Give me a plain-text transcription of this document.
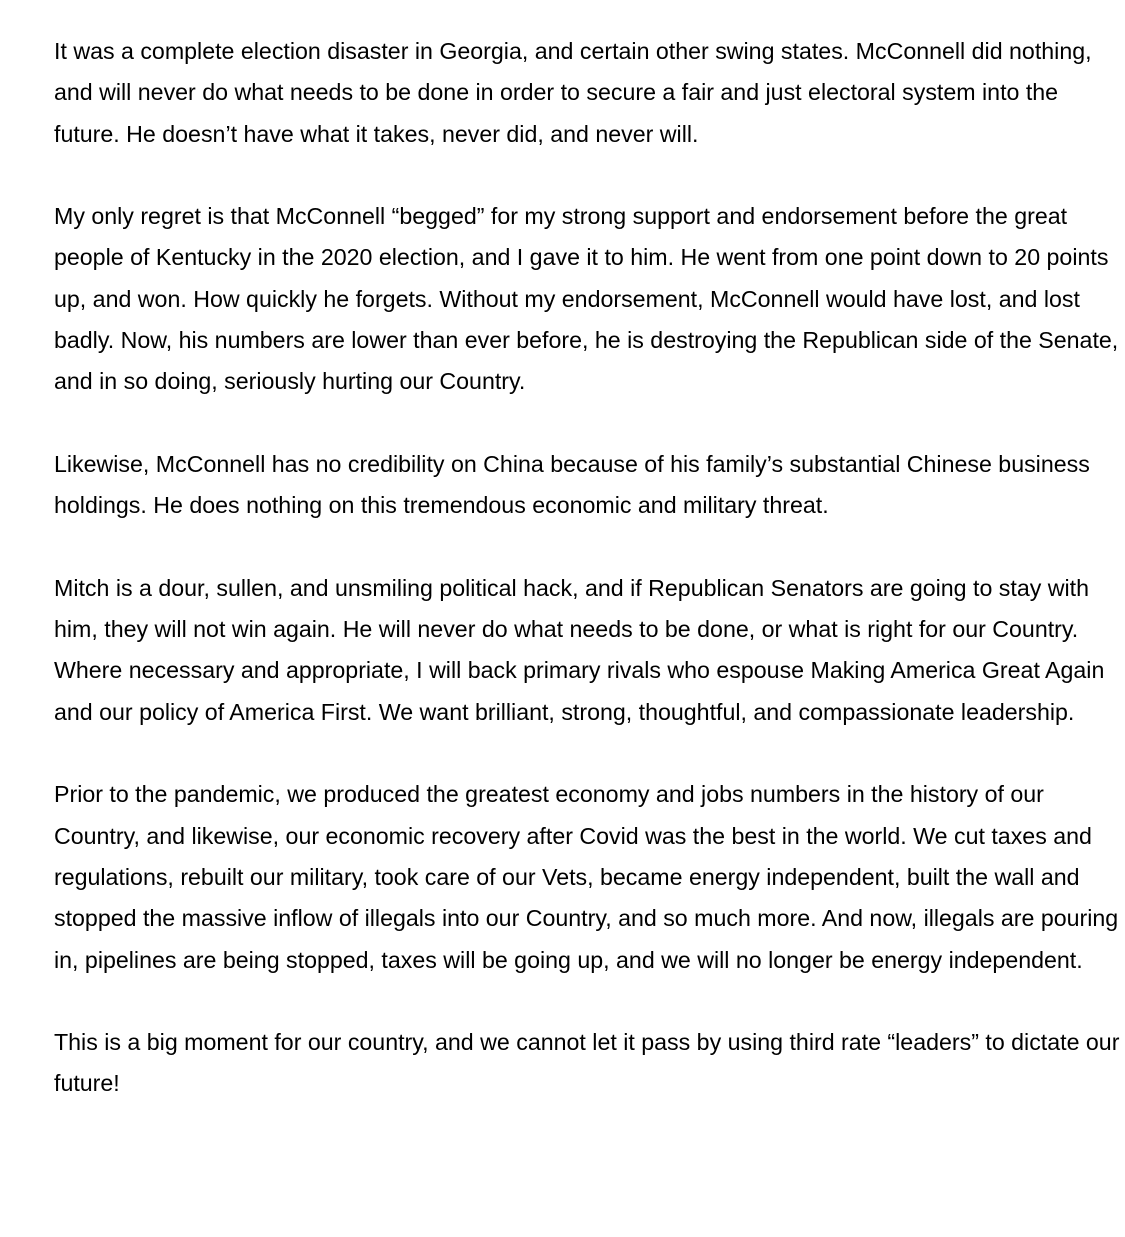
It was a complete election disaster in Georgia, and certain other swing states. McConnell did nothing, and will never do what needs to be done in order to secure a fair and just electoral system into the future. He doesn’t have what it takes, never did, and never will.

My only regret is that McConnell “begged” for my strong support and endorsement before the great people of Kentucky in the 2020 election, and I gave it to him. He went from one point down to 20 points up, and won. How quickly he forgets. Without my endorsement, McConnell would have lost, and lost badly. Now, his numbers are lower than ever before, he is destroying the Republican side of the Senate, and in so doing, seriously hurting our Country.

Likewise, McConnell has no credibility on China because of his family’s substantial Chinese business holdings. He does nothing on this tremendous economic and military threat.

Mitch is a dour, sullen, and unsmiling political hack, and if Republican Senators are going to stay with him, they will not win again. He will never do what needs to be done, or what is right for our Country. Where necessary and appropriate, I will back primary rivals who espouse Making America Great Again and our policy of America First. We want brilliant, strong, thoughtful, and compassionate leadership.

Prior to the pandemic, we produced the greatest economy and jobs numbers in the history of our Country, and likewise, our economic recovery after Covid was the best in the world. We cut taxes and regulations, rebuilt our military, took care of our Vets, became energy independent, built the wall and stopped the massive inflow of illegals into our Country, and so much more. And now, illegals are pouring in, pipelines are being stopped, taxes will be going up, and we will no longer be energy independent.

This is a big moment for our country, and we cannot let it pass by using third rate “leaders” to dictate our future!
